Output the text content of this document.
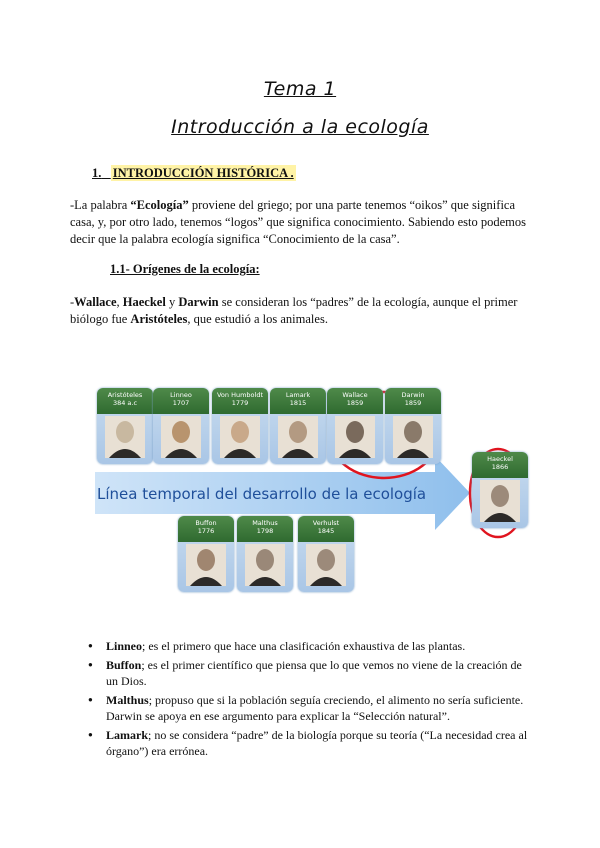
Tema 1
Introducción a la ecología
1. INTRODUCCIÓN HISTÓRICA .
-La palabra “Ecología” proviene del griego; por una parte tenemos “oikos” que significa casa, y, por otro lado, tenemos “logos” que significa conocimiento. Sabiendo esto podemos decir que la palabra ecología significa “Conocimiento de la casa”.
1.1- Orígenes de la ecología:
-Wallace, Haeckel y Darwin se consideran los “padres” de la ecología, aunque el primer biólogo fue Aristóteles, que estudió a los animales.
Línea temporal del desarrollo de la ecología
Aristóteles
384 a.c
Linneo
1707
Von Humboldt
1779
Lamark
1815
Wallace
1859
Darwin
1859
Buffon
1776
Malthus
1798
Verhulst
1845
Haeckel
1866
● Linneo; es el primero que hace una clasificación exhaustiva de las plantas.
● Buffon; es el primer científico que piensa que lo que vemos no viene de la creación de un Dios.
● Malthus; propuso que si la población seguía creciendo, el alimento no sería suficiente. Darwin se apoya en ese argumento para explicar la “Selección natural”.
● Lamark; no se considera “padre” de la biología porque su teoría (“La necesidad crea al órgano”) era errónea.
